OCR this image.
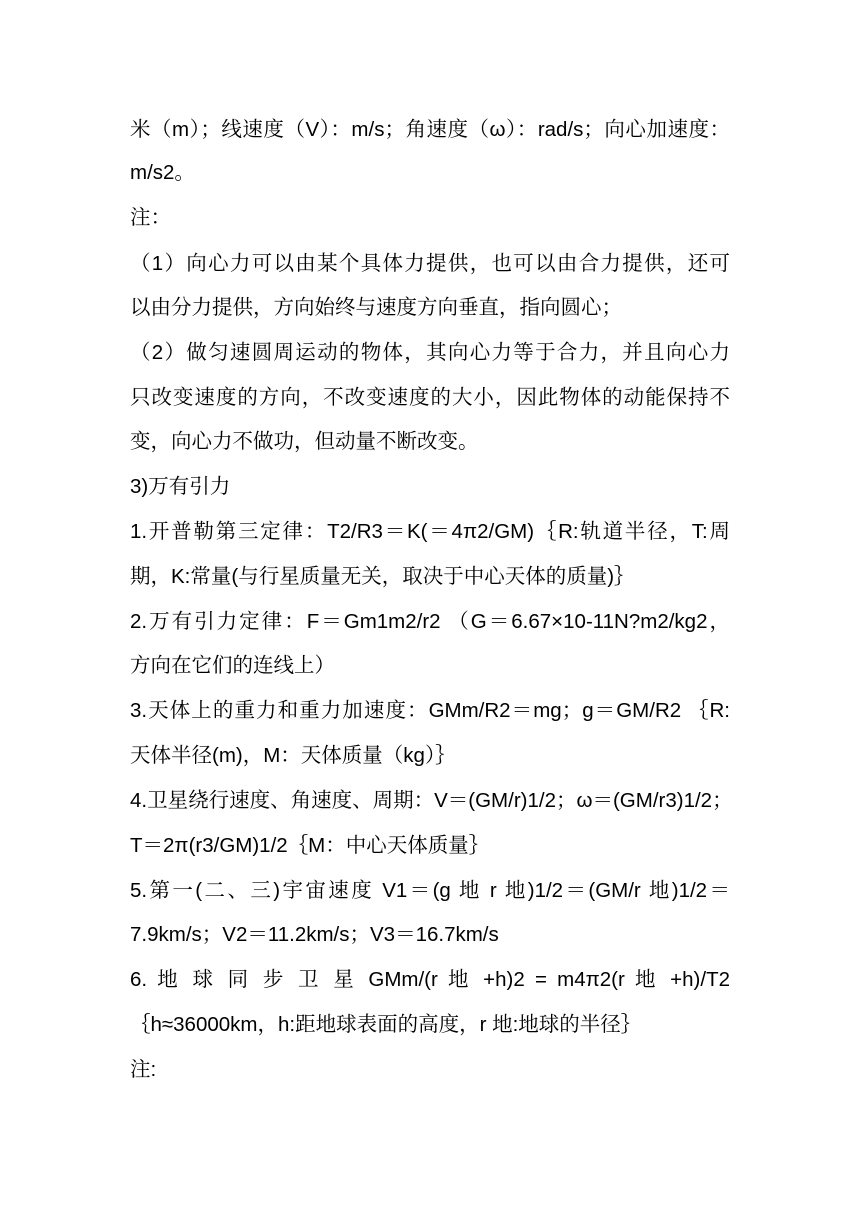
米（m）；线速度（V）：m/s；角速度（ω）：rad/s；向心加速度：
m/s2。
注：
（1）向心力可以由某个具体力提供，也可以由合力提供，还可
以由分力提供，方向始终与速度方向垂直，指向圆心；
（2）做匀速圆周运动的物体，其向心力等于合力，并且向心力
只改变速度的方向，不改变速度的大小，因此物体的动能保持不
变，向心力不做功，但动量不断改变。
3)万有引力
1.开普勒第三定律：T2/R3＝K(＝4π2/GM)｛R:轨道半径，T:周
期，K:常量(与行星质量无关，取决于中心天体的质量)｝
2.万有引力定律：F＝Gm1m2/r2 （G＝6.67×10-11N?m2/kg2，
方向在它们的连线上）
3.天体上的重力和重力加速度：GMm/R2＝mg；g＝GM/R2 ｛R:
天体半径(m)，M：天体质量（kg）｝
4.卫星绕行速度、角速度、周期：V＝(GM/r)1/2；ω＝(GM/r3)1/2；
T＝2π(r3/GM)1/2｛M：中心天体质量｝
5.第一(二、三)宇宙速度 V1＝(g 地 r 地)1/2＝(GM/r 地)1/2＝
7.9km/s；V2＝11.2km/s；V3＝16.7km/s
6. 地 球 同 步 卫 星 GMm/(r 地 +h)2 = m4π2(r 地 +h)/T2
｛h≈36000km，h:距地球表面的高度，r 地:地球的半径｝
注:
